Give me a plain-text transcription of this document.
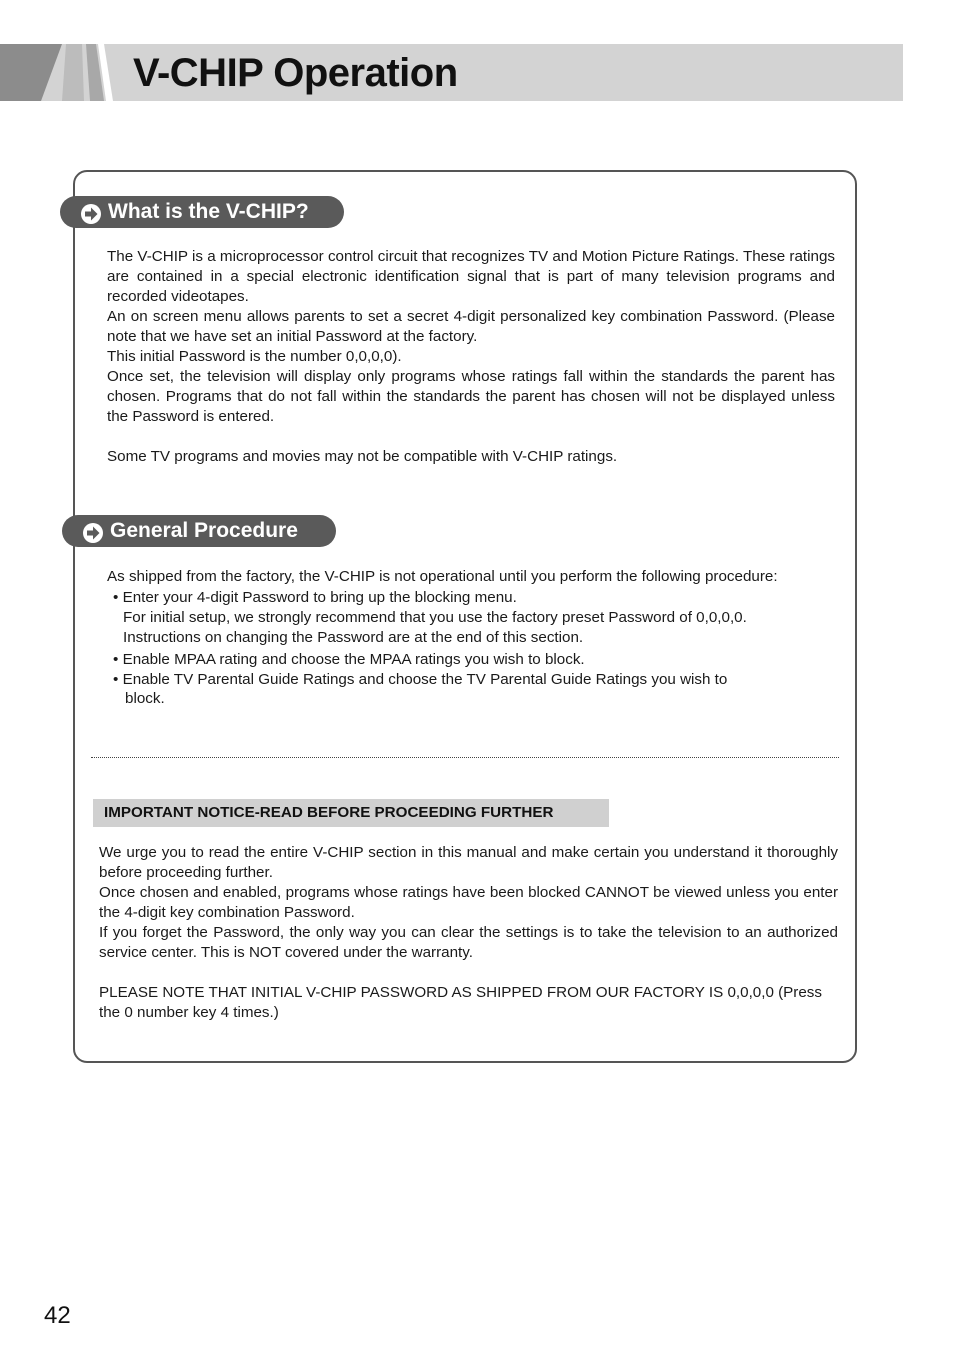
V-CHIP Operation
What is the V-CHIP?

The V-CHIP is a microprocessor control circuit that recognizes TV and Motion Picture Ratings. These ratings are contained in a special electronic identification signal that is part of many television programs and recorded videotapes.

An on screen menu allows parents to set a secret 4-digit personalized key combination Password. (Please note that we have set an initial Password at the factory.

This initial Password is the number 0,0,0,0).

Once set, the television will display only programs whose ratings fall within the standards the parent has chosen. Programs that do not fall within the standards the parent has chosen will not be displayed unless the Password is entered.

Some TV programs and movies may not be compatible with V-CHIP ratings.

General Procedure
As shipped from the factory, the V-CHIP is not operational until you perform the following procedure:
• Enter your 4-digit Password to bring up the blocking menu.
For initial setup, we strongly recommend that you use the factory preset Password of 0,0,0,0.
Instructions on changing the Password are at the end of this section.
• Enable MPAA rating and choose the MPAA ratings you wish to block.
• Enable TV Parental Guide Ratings and choose the TV Parental Guide Ratings you wish to
block.
IMPORTANT NOTICE-READ BEFORE PROCEEDING FURTHER

We urge you to read the entire V-CHIP section in this manual and make certain you understand it thoroughly before proceeding further.

Once chosen and enabled, programs whose ratings have been blocked CANNOT be viewed unless you enter the 4-digit key combination Password.

If you forget the Password, the only way you can clear the settings is to take the television to an authorized service center. This is NOT covered under the warranty.

PLEASE NOTE THAT INITIAL V-CHIP PASSWORD AS SHIPPED FROM OUR FACTORY IS 0,0,0,0 (Press the 0 number key 4 times.)

42
